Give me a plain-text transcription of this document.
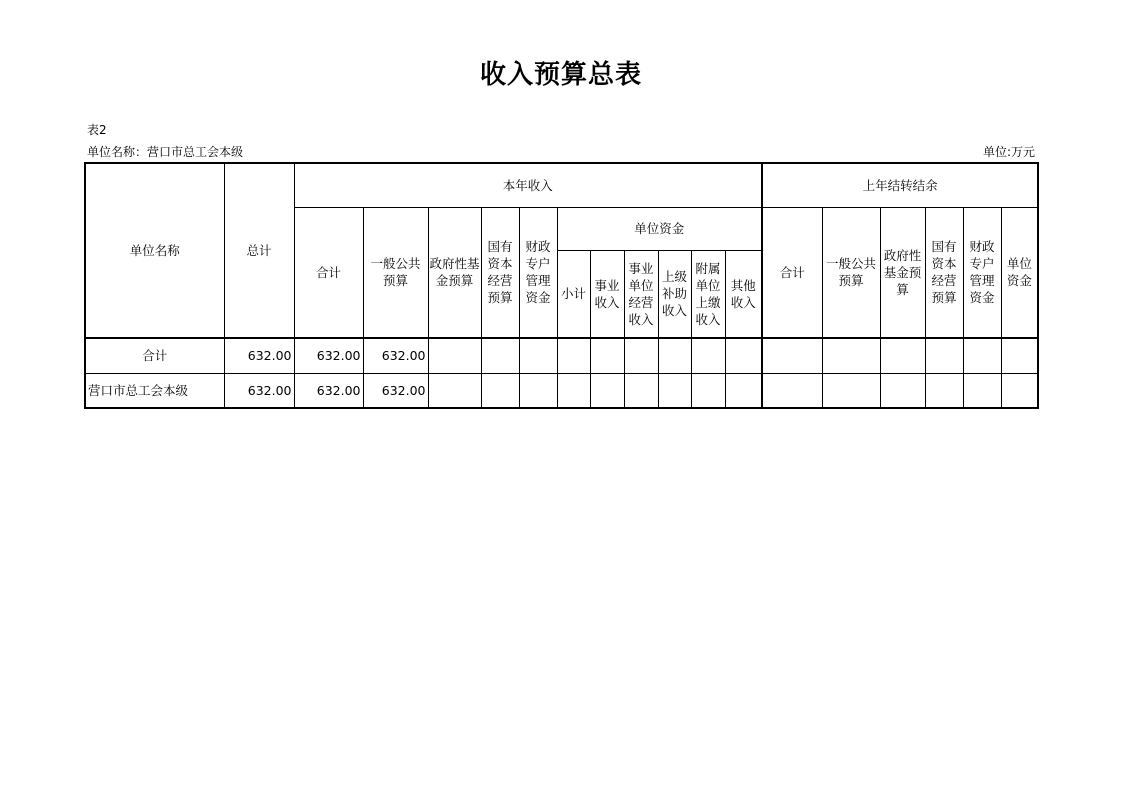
收入预算总表
表2
单位名称：营口市总工会本级	单位:万元
单位名称	总计	本年收入											上年结转结余					
		合计	一般公共预算	政府性基金预算	国有资本经营预算	财政专户管理资金	单位资金						合计	一般公共预算	政府性基金预算	国有资本经营预算	财政专户管理资金	单位资金
							小计	事业收入	事业单位经营收入	上级补助收入	附属单位上缴收入	其他收入						
合计	632.00	632.00	632.00															
营口市总工会本级	632.00	632.00	632.00															
